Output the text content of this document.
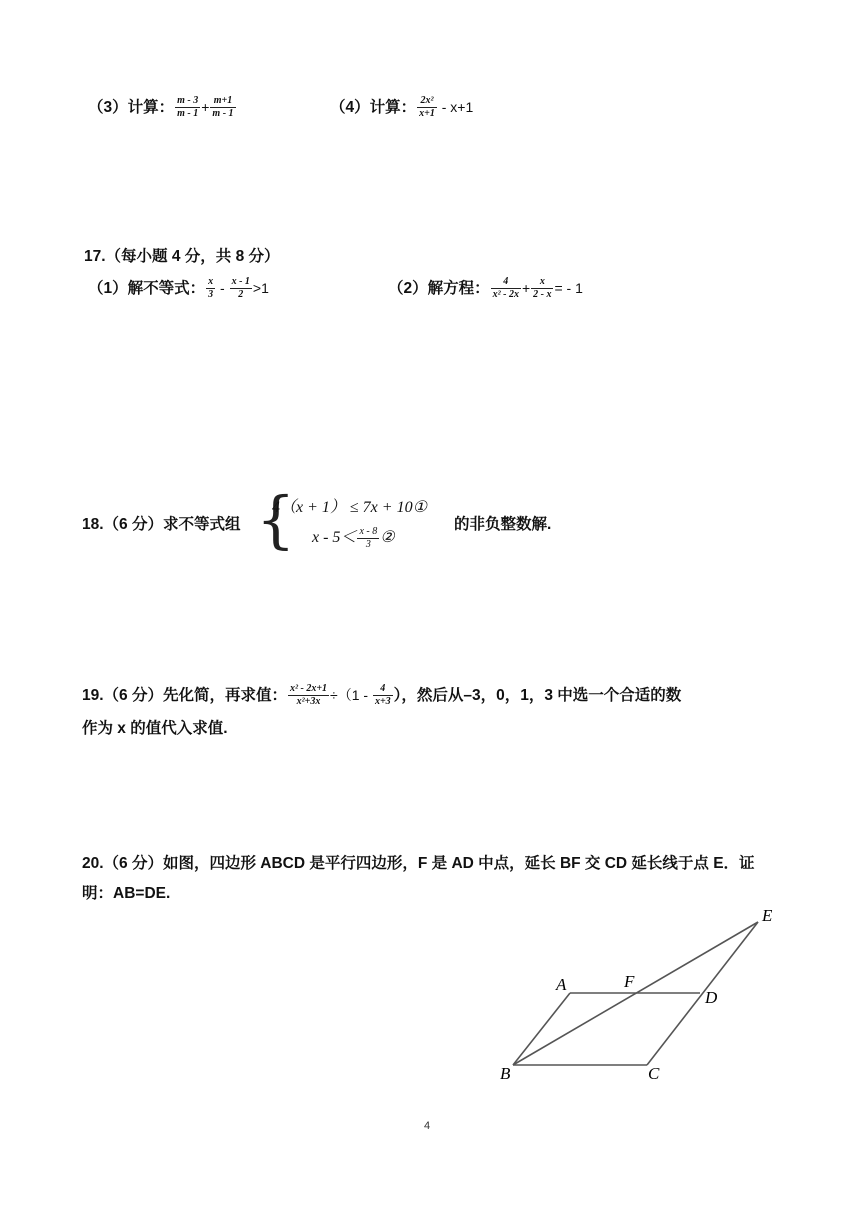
（3）计算： $\frac{m - 3}{m - 1} + \frac{m+1}{m - 1}$	（4）计算： $\frac{\text{2x²}}{x+1} - x+1$
17.（每小题 4 分，共 8 分）
（1）解不等式： $\frac{x}{3} - \frac{x - 1}{2} >1$	（2）解方程： $\frac{4}{\text{x² - 2x}} + \frac{x}{2 - x}$ = - 1
18.（6 分）求不等式组 {
4（x + 1） ≤ 7x + 10①
$x - 5< \frac{x - 8}{3}$ ②
的非负整数解.
19.（6 分）先化简，再求值： $\frac{\text{x² - 2x+1}}{\text{x²+3x}} \div(1 - \frac{4}{x+3}$ ），然后从–3，0，1，3 中选一个合适的数
作为 x 的值代入求值.
20.（6 分）如图，四边形 ABCD 是平行四边形，F 是 AD 中点，延长 BF 交 CD 延长线于点 E．证
明：AB=DE.
A	F
D
E
B	C
4
